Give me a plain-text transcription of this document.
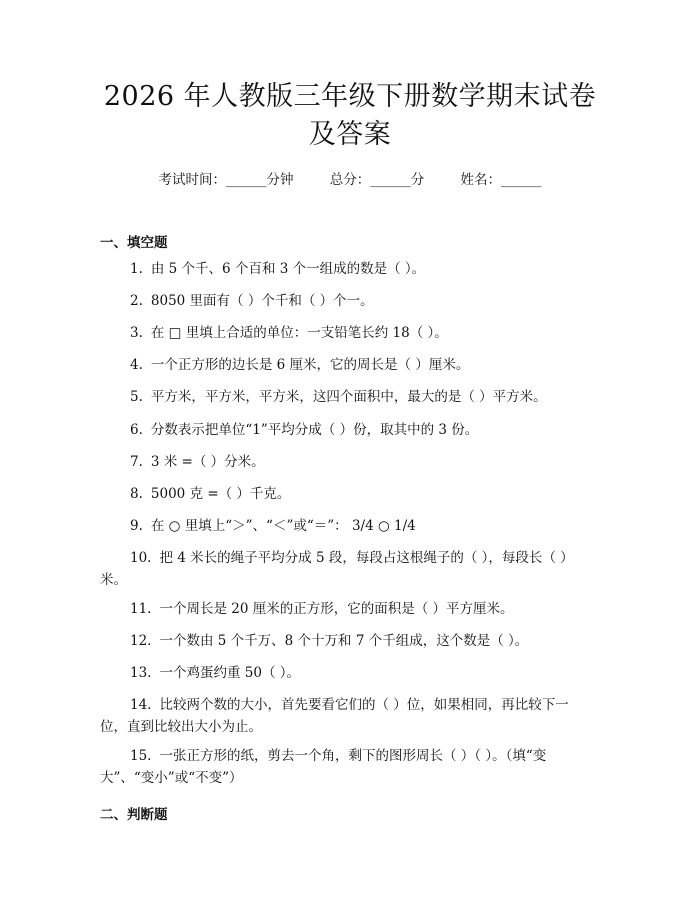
2026 年人教版三年级下册数学期末试卷及答案
考试时间：______分钟	总分：______分	姓名：______
一、填空题
1. 由 5 个千、6 个百和 3 个一组成的数是（ ）。
2. 8050 里面有（ ）个千和（ ）个一。
3. 在 □ 里填上合适的单位：一支铅笔长约 18（ ）。
4. 一个正方形的边长是 6 厘米，它的周长是（ ）厘米。
5. 平方米，平方米，平方米，这四个面积中，最大的是（ ）平方米。
6. 分数表示把单位“1”平均分成（ ）份，取其中的 3 份。
7. 3 米 =（ ）分米。
8. 5000 克 =（ ）千克。
9. 在 ○ 里填上“＞”、“＜”或“＝”： 3/4 ○ 1/4
10. 把 4 米长的绳子平均分成 5 段，每段占这根绳子的（ ），每段长（ ）米。
11. 一个周长是 20 厘米的正方形，它的面积是（ ）平方厘米。
12. 一个数由 5 个千万、8 个十万和 7 个千组成，这个数是（ ）。
13. 一个鸡蛋约重 50（ ）。
14. 比较两个数的大小，首先要看它们的（ ）位，如果相同，再比较下一位，直到比较出大小为止。
15. 一张正方形的纸，剪去一个角，剩下的图形周长（ ）（ ）。（填“变大”、“变小”或“不变”）
二、判断题
